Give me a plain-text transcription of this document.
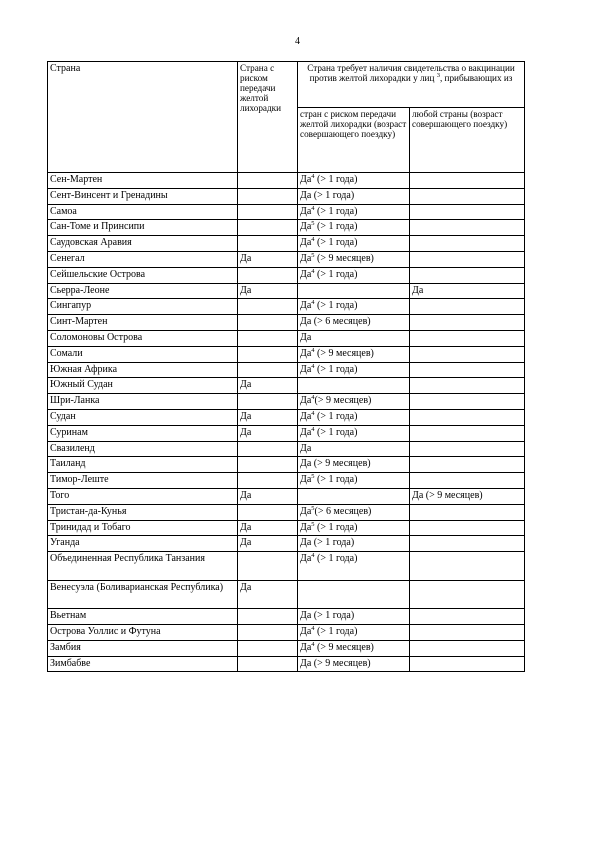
4
Страна	Страна с риском передачи желтой лихорадки	Страна требует наличия свидетельства о вакцинации против желтой лихорадки у лиц $^3$, прибывающих из	
		стран с риском передачи желтой лихорадки (возраст совершающего поездку)	любой страны (возраст совершающего поездку)
Сен-Мартен		$Да^4$ (> 1 года)	
Сент-Винсент и Гренадины		Да (> 1 года)	
Самоа		$Да^4$ (> 1 года)	
Сан-Томе и Принсипи		$Да^5$ (> 1 года)	
Саудовская Аравия		$Да^4$ (> 1 года)	
Сенегал	Да	$Да^5$ (> 9 месяцев)	
Сейшельские Острова		$Да^4$ (> 1 года)	
Сьерра-Леоне	Да		Да
Сингапур		$Да^4$ (> 1 года)	
Синт-Мартен		Да (> 6 месяцев)	
Соломоновы Острова		Да	
Сомали		$Да^4$ (> 9 месяцев)	
Южная Африка		$Да^4$ (> 1 года)	
Южный Судан	Да		
Шри-Ланка		$Да^4(> 9$ месяцев)	
Судан	Да	$Да^4$ (> 1 года)	
Суринам	Да	$Да^4$ (> 1 года)	
Свазиленд		Да	
Таиланд		Да (> 9 месяцев)	
Тимор-Леште		$Да^5$ (> 1 года)	
Того	Да		Да (> 9 месяцев)
Тристан-да-Кунья		$Да^5(> 6$ месяцев)	
Тринидад и Тобаго	Да	$Да^5$ (> 1 года)	
Уганда	Да	Да (> 1 года)	
Объединенная Республика Танзания		$Да^4$ (> 1 года)	
Венесуэла (Боливарианская Республика)	Да		
Вьетнам		Да (> 1 года)	
Острова Уоллис и Футуна		$Да^4$ (> 1 года)	
Замбия		$Да^4$ (> 9 месяцев)	
Зимбабве		Да (> 9 месяцев)	
